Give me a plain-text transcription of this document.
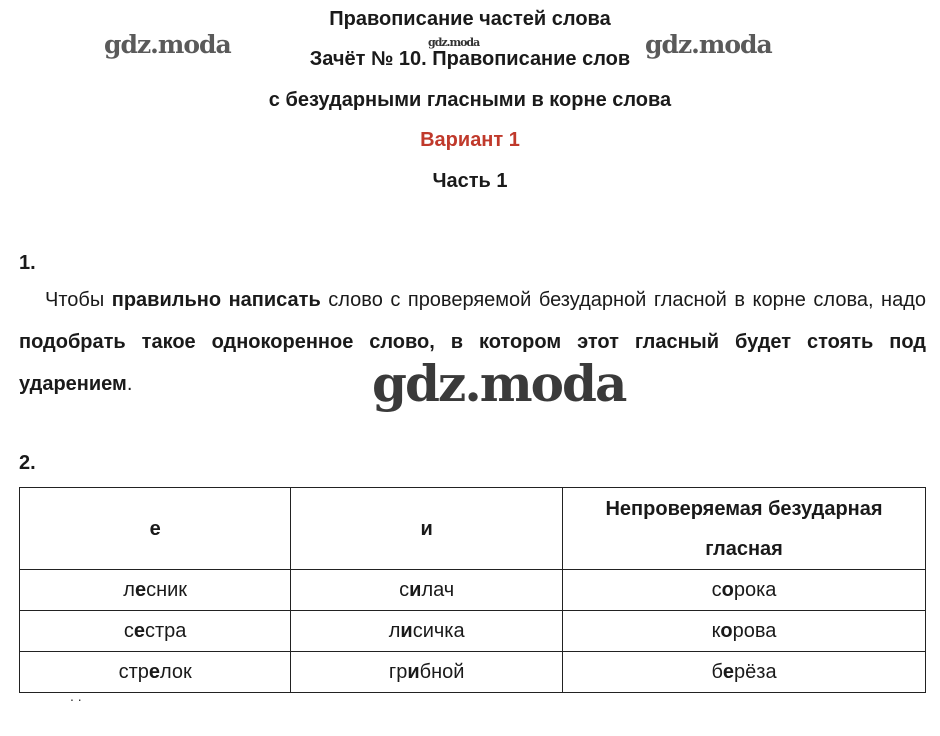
Правописание частей слова
Зачёт № 10. Правописание слов
с безударными гласными в корне слова
Вариант 1
Часть 1
gdz.moda	gdz.moda	gdz.moda
1.
Чтобы правильно написать слово с проверяемой безударной гласной в корне слова, надо подобрать такое однокоренное слово, в котором этот гласный будет стоять под ударением.	gdz.moda
2.
е	и	Непроверяемая безударная гласная
лесник	силач	сорока
сестра	лисичка	корова
стрелок	грибной	берёза
. .
